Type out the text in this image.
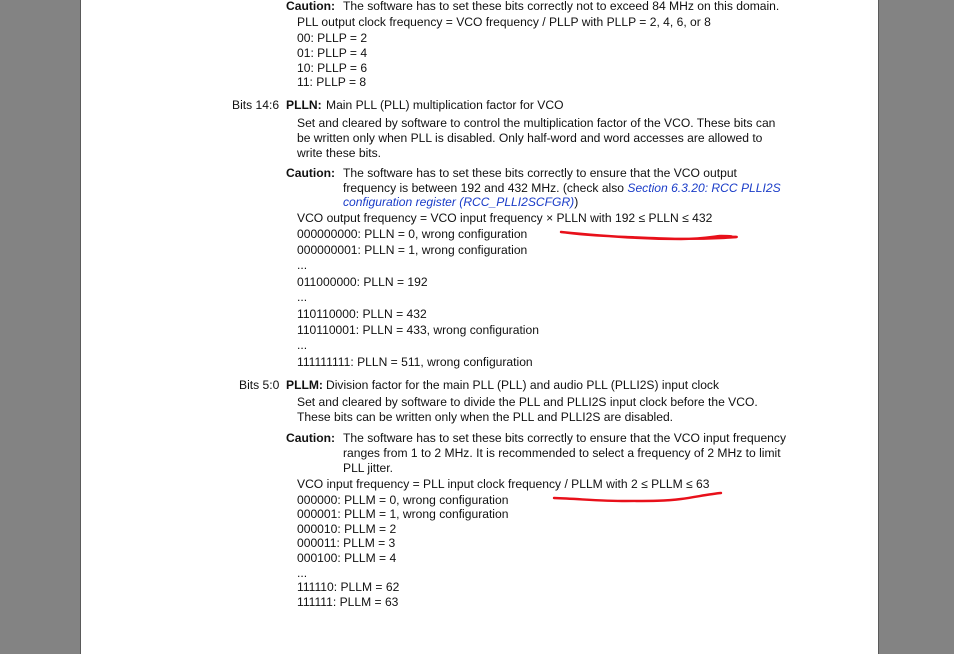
Caution: The software has to set these bits correctly not to exceed 84 MHz on this domain.
PLL output clock frequency = VCO frequency / PLLP with PLLP = 2, 4, 6, or 8
00: PLLP = 2
01: PLLP = 4
10: PLLP = 6
11: PLLP = 8
Bits 14:6 PLLN: Main PLL (PLL) multiplication factor for VCO
Set and cleared by software to control the multiplication factor of the VCO. These bits can
be written only when PLL is disabled. Only half-word and word accesses are allowed to
write these bits.
Caution: The software has to set these bits correctly to ensure that the VCO output
frequency is between 192 and 432 MHz. (check also Section 6.3.20: RCC PLLI2S
configuration register (RCC_PLLI2SCFGR))
VCO output frequency = VCO input frequency × PLLN with 192 ≤ PLLN ≤ 432
000000000: PLLN = 0, wrong configuration
000000001: PLLN = 1, wrong configuration
...
011000000: PLLN = 192
...
110110000: PLLN = 432
110110001: PLLN = 433, wrong configuration
...
111111111: PLLN = 511, wrong configuration
Bits 5:0 PLLM: Division factor for the main PLL (PLL) and audio PLL (PLLI2S) input clock
Set and cleared by software to divide the PLL and PLLI2S input clock before the VCO.
These bits can be written only when the PLL and PLLI2S are disabled.
Caution: The software has to set these bits correctly to ensure that the VCO input frequency
ranges from 1 to 2 MHz. It is recommended to select a frequency of 2 MHz to limit
PLL jitter.
VCO input frequency = PLL input clock frequency / PLLM with 2 ≤ PLLM ≤ 63
000000: PLLM = 0, wrong configuration
000001: PLLM = 1, wrong configuration
000010: PLLM = 2
000011: PLLM = 3
000100: PLLM = 4
...
111110: PLLM = 62
111111: PLLM = 63
